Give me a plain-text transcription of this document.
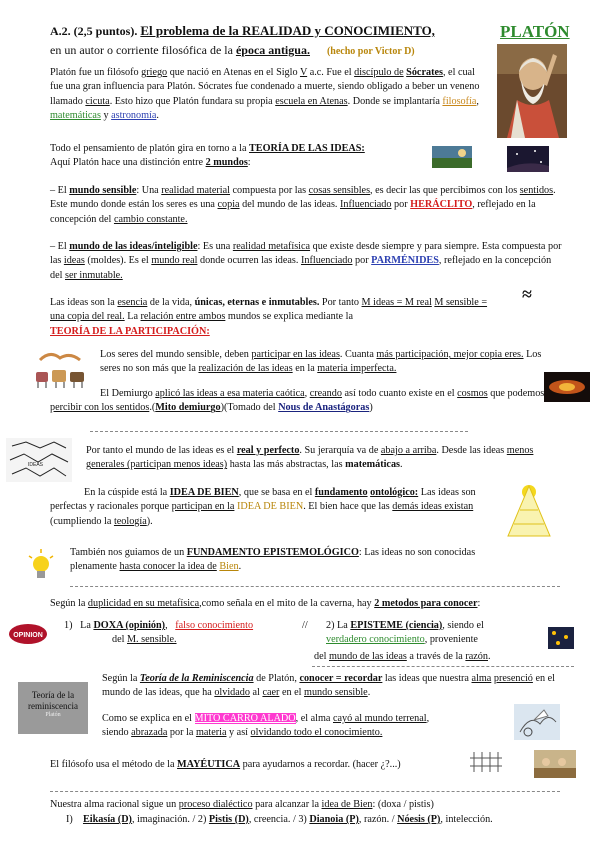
A.2. (2,5 puntos). El problema de la REALIDAD y CONOCIMIENTO,
en un autor o corriente filosófica de la época antigua. (hecho por Victor D)
PLATÓN
Platón fue un filósofo griego que nació en Atenas en el Siglo V a.c. Fue el discípulo de Sócrates, el cual fue una gran influencia para Platón. Sócrates fue condenado a muerte, siendo obligado a beber un veneno llamado cicuta. Esto hizo que Platón fundara su propia escuela en Atenas. Donde se implantaría filosofía, matemáticas y astronomía.
Todo el pensamiento de platón gira en torno a la TEORÍA DE LAS IDEAS:
Aquí Platón hace una distinción entre 2 mundos:
– El mundo sensible: Una realidad material compuesta por las cosas sensibles, es decir las que percibimos con los sentidos. Este mundo donde están los seres es una copia del mundo de las ideas. Influenciado por HERÁCLITO, reflejado en la concepción del cambio constante.
– El mundo de las ideas/inteligible: Es una realidad metafísica que existe desde siempre y para siempre. Esta compuesta por las ideas (moldes). Es el mundo real donde ocurren las ideas. Influenciado por PARMÉNIDES, reflejado en la concepción del ser inmutable.
Las ideas son la esencia de la vida, únicas, eternas e inmutables. Por tanto M ideas = M real M sensible = una copia del real. La relación entre ambos mundos se explica mediante la
TEORÍA DE LA PARTICIPACIÓN:
≈
Los seres del mundo sensible, deben participar en las ideas. Cuanta más participación, mejor copia eres. Los seres no son más que la realización de las ideas en la materia imperfecta.
El Demiurgo aplicó las ideas a esa materia caótica, creando así todo cuanto existe en el cosmos que podemos percibir con los sentidos.(Mito demiurgo)(Tomado del Nous de Anastágoras)
IDEAS
Por tanto el mundo de las ideas es el real y perfecto. Su jerarquía va de abajo a arriba. Desde las ideas menos generales (participan menos ideas) hasta las más abstractas, las matemáticas.
En la cúspide está la IDEA DE BIEN, que se basa en el fundamento ontológico: Las ideas son perfectas y racionales porque participan en la IDEA DE BIEN. El bien hace que las demás ideas existan (cumpliendo la teología).
También nos guiamos de un FUNDAMENTO EPISTEMOLÓGICO: Las ideas no son conocidas plenamente hasta conocer la idea de Bien.
Según la duplicidad en su metafísica,como señala en el mito de la caverna, hay 2 metodos para conocer:
OPINION
1) La DOXA (opinión),   falso conocimiento
del M. sensible.
// 2) La EPISTEME (ciencia), siendo el
verdadero conocimiento, proveniente
del mundo de las ideas a través de la razón.
Teoría de la
reminiscencia
Platón
Según la Teoría de la Reminiscencia de Platón, conocer = recordar las ideas que nuestra alma presenció en el mundo de las ideas, que ha olvidado al caer en el mundo sensible.
Como se explica en el MITO CARRO ALADO, el alma cayó al mundo terrenal, siendo abrazada por la materia y así olvidando todo el conocimiento.
El filósofo usa el método de la MAYÉUTICA para ayudarnos a recordar. (hacer ¿?...)
Nuestra alma racional sigue un proceso dialéctico para alcanzar la idea de Bien: (doxa / pistis)
I) Eikasía (D), imaginación. / 2) Pistis (D), creencia. / 3) Dianoia (P), razón. / Nóesis (P), intelección.
